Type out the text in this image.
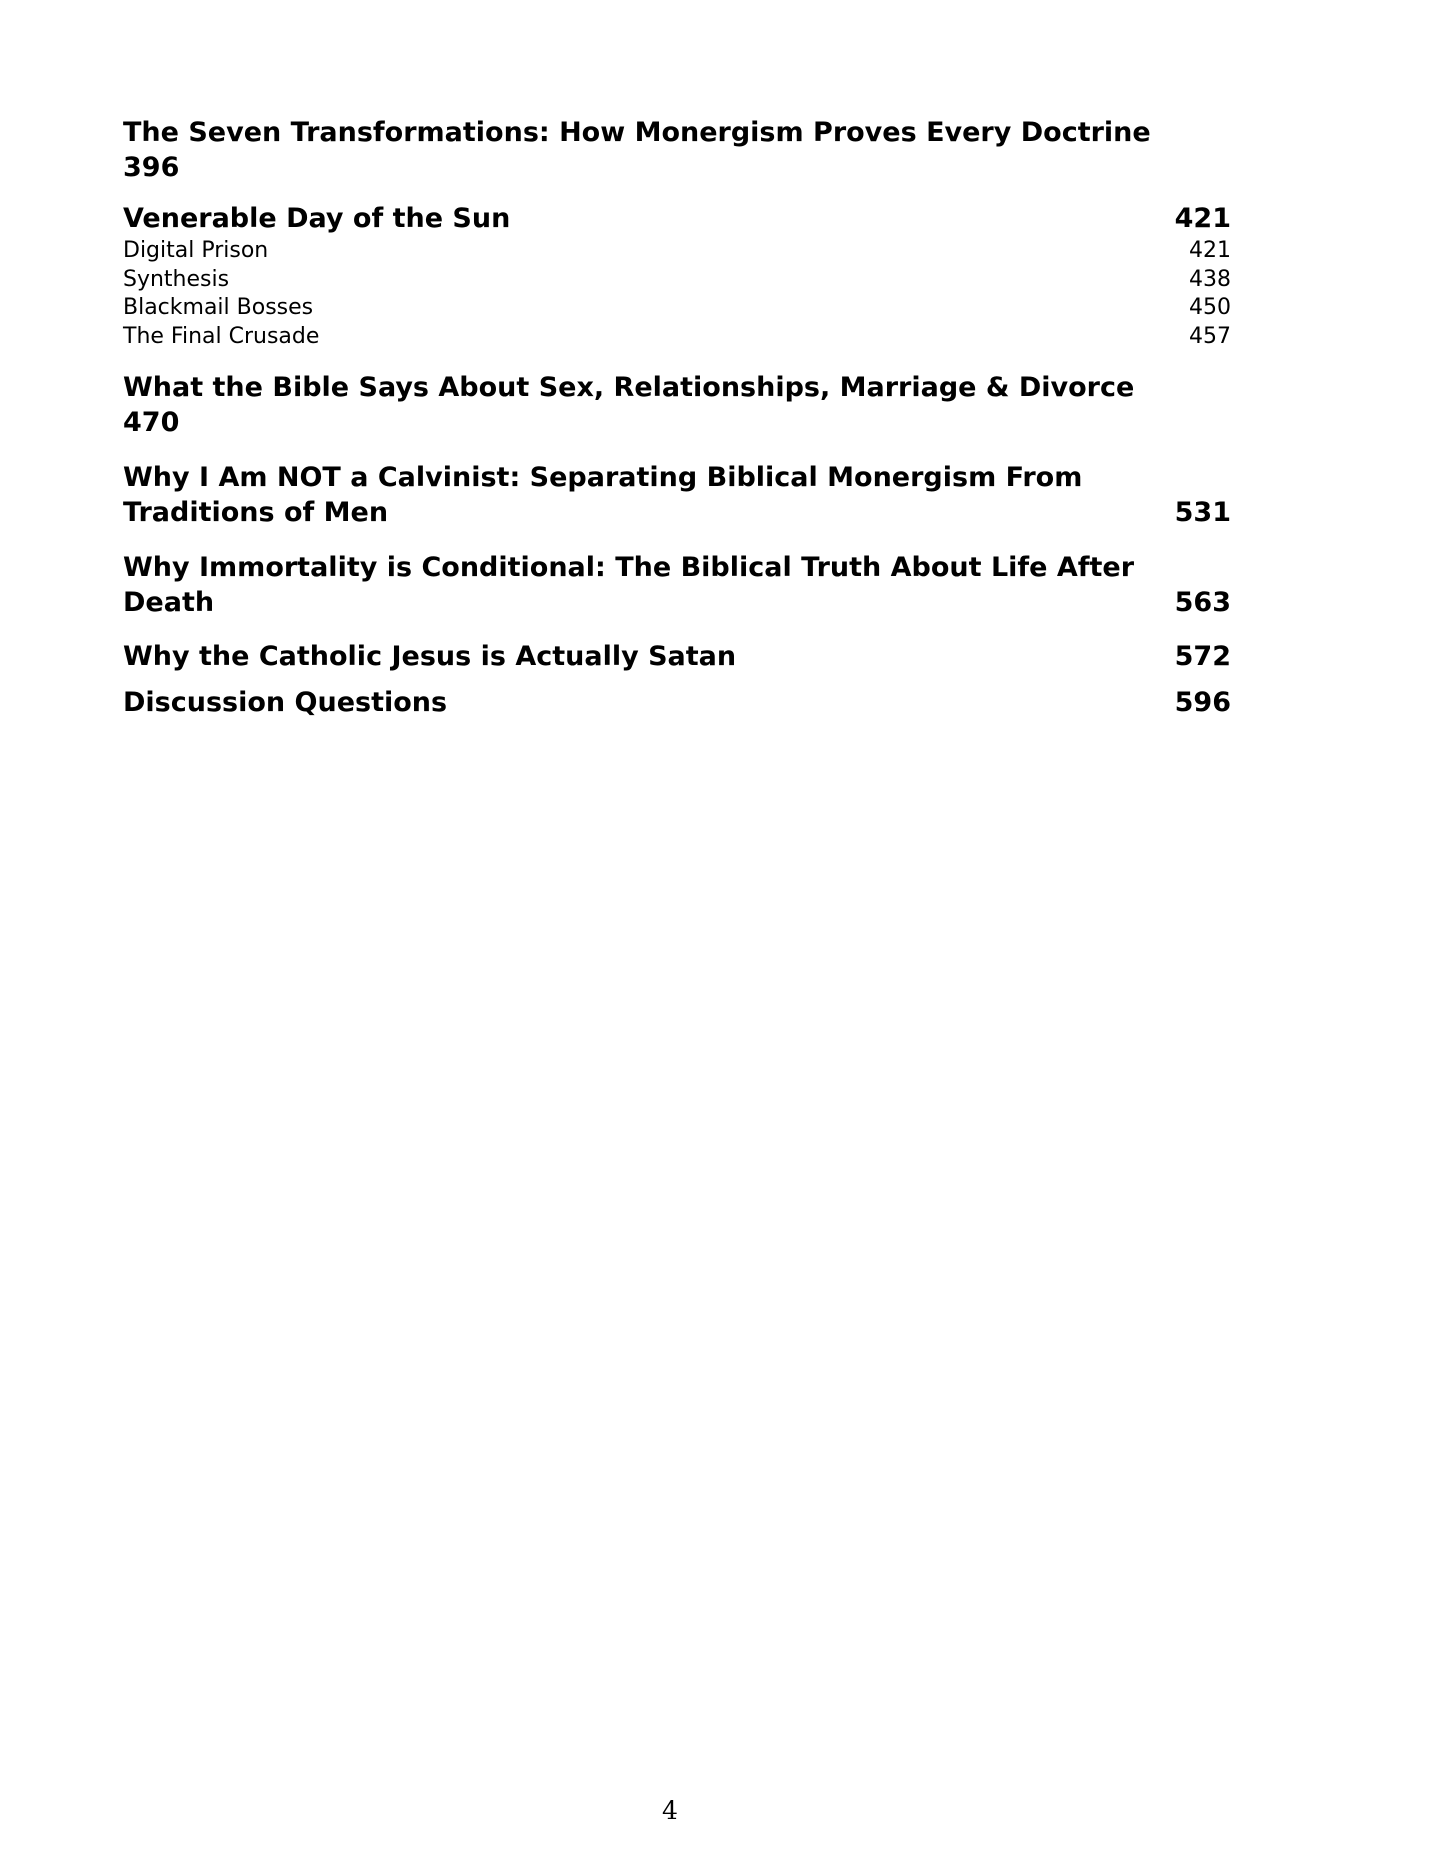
The Seven Transformations: How Monergism Proves Every Doctrine
396
Venerable Day of the Sun	421
Digital Prison	421
Synthesis	438
Blackmail Bosses	450
The Final Crusade	457
What the Bible Says About Sex, Relationships, Marriage & Divorce
470
Why I Am NOT a Calvinist: Separating Biblical Monergism From
Traditions of Men	531
Why Immortality is Conditional: The Biblical Truth About Life After
Death	563
Why the Catholic Jesus is Actually Satan	572
Discussion Questions	596
4
